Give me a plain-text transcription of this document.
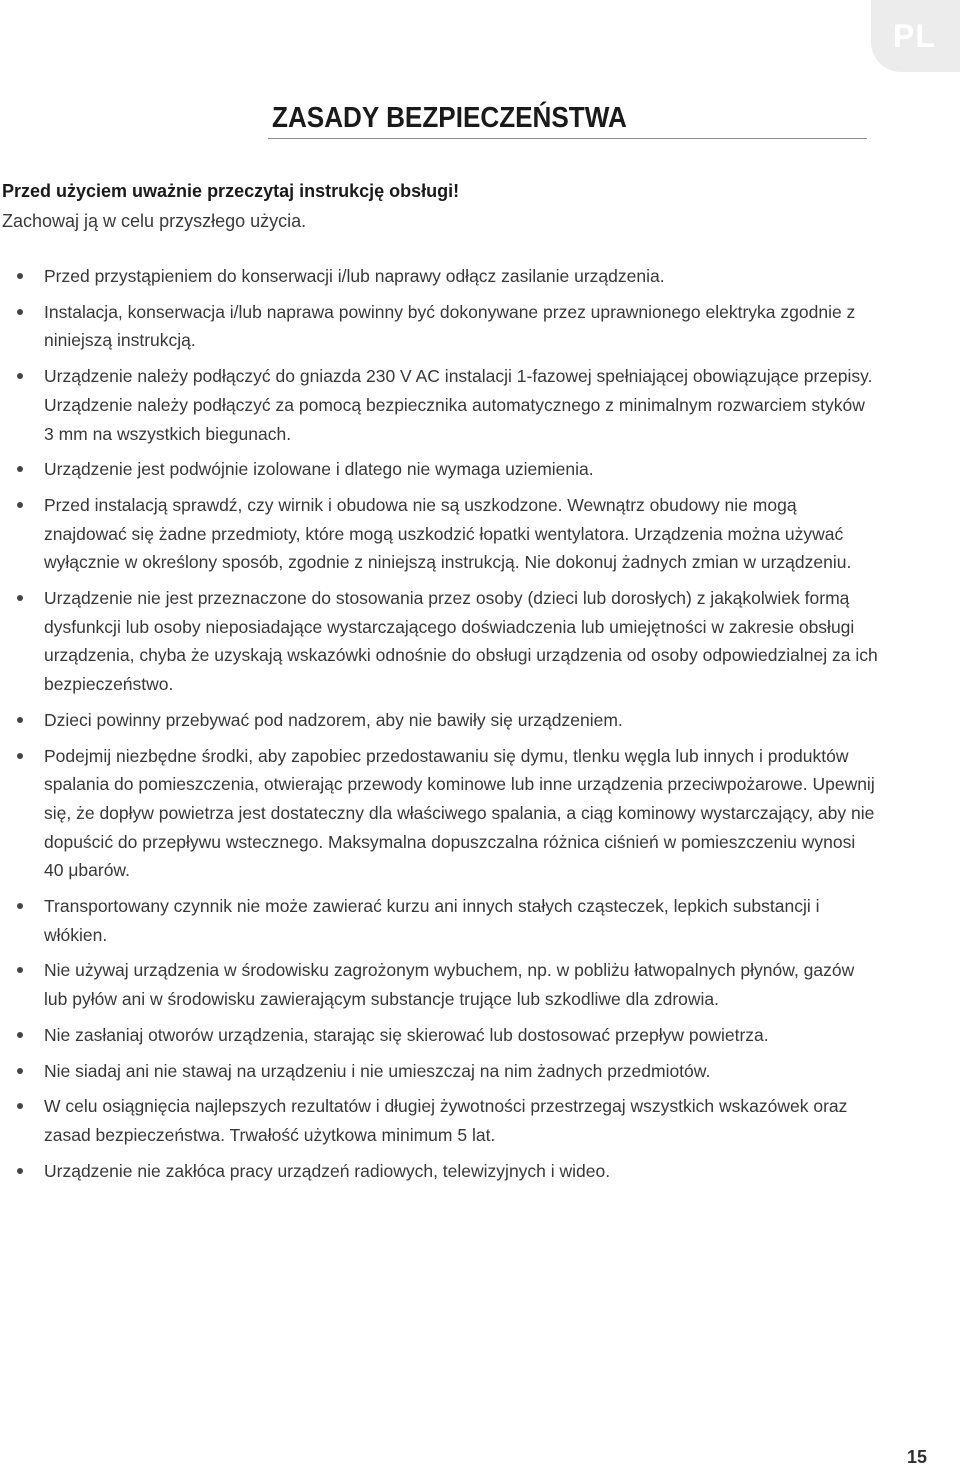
PL
ZASADY BEZPIECZEŃSTWA
Przed użyciem uważnie przeczytaj instrukcję obsługi!
Zachowaj ją w celu przyszłego użycia.
Przed przystąpieniem do konserwacji i/lub naprawy odłącz zasilanie urządzenia.
Instalacja, konserwacja i/lub naprawa powinny być dokonywane przez uprawnionego elektryka zgodnie z niniejszą instrukcją.
Urządzenie należy podłączyć do gniazda 230 V AC instalacji 1-fazowej spełniającej obowiązujące przepisy. Urządzenie należy podłączyć za pomocą bezpiecznika automatycznego z minimalnym rozwarciem styków 3 mm na wszystkich biegunach.
Urządzenie jest podwójnie izolowane i dlatego nie wymaga uziemienia.
Przed instalacją sprawdź, czy wirnik i obudowa nie są uszkodzone. Wewnątrz obudowy nie mogą znajdować się żadne przedmioty, które mogą uszkodzić łopatki wentylatora. Urządzenia można używać wyłącznie w określony sposób, zgodnie z niniejszą instrukcją. Nie dokonuj żadnych zmian w urządzeniu.
Urządzenie nie jest przeznaczone do stosowania przez osoby (dzieci lub dorosłych) z jakąkolwiek formą dysfunkcji lub osoby nieposiadające wystarczającego doświadczenia lub umiejętności w zakresie obsługi urządzenia, chyba że uzyskają wskazówki odnośnie do obsługi urządzenia od osoby odpowiedzialnej za ich bezpieczeństwo.
Dzieci powinny przebywać pod nadzorem, aby nie bawiły się urządzeniem.
Podejmij niezbędne środki, aby zapobiec przedostawaniu się dymu, tlenku węgla lub innych i produktów spalania do pomieszczenia, otwierając przewody kominowe lub inne urządzenia przeciwpożarowe. Upewnij się, że dopływ powietrza jest dostateczny dla właściwego spalania, a ciąg kominowy wystarczający, aby nie dopuścić do przepływu wstecznego. Maksymalna dopuszczalna różnica ciśnień w pomieszczeniu wynosi 40 μbarów.
Transportowany czynnik nie może zawierać kurzu ani innych stałych cząsteczek, lepkich substancji i włókien.
Nie używaj urządzenia w środowisku zagrożonym wybuchem, np. w pobliżu łatwopalnych płynów, gazów lub pyłów ani w środowisku zawierającym substancje trujące lub szkodliwe dla zdrowia.
Nie zasłaniaj otworów urządzenia, starając się skierować lub dostosować przepływ powietrza.
Nie siadaj ani nie stawaj na urządzeniu i nie umieszczaj na nim żadnych przedmiotów.
W celu osiągnięcia najlepszych rezultatów i długiej żywotności przestrzegaj wszystkich wskazówek oraz zasad bezpieczeństwa. Trwałość użytkowa minimum 5 lat.
Urządzenie nie zakłóca pracy urządzeń radiowych, telewizyjnych i wideo.
15
